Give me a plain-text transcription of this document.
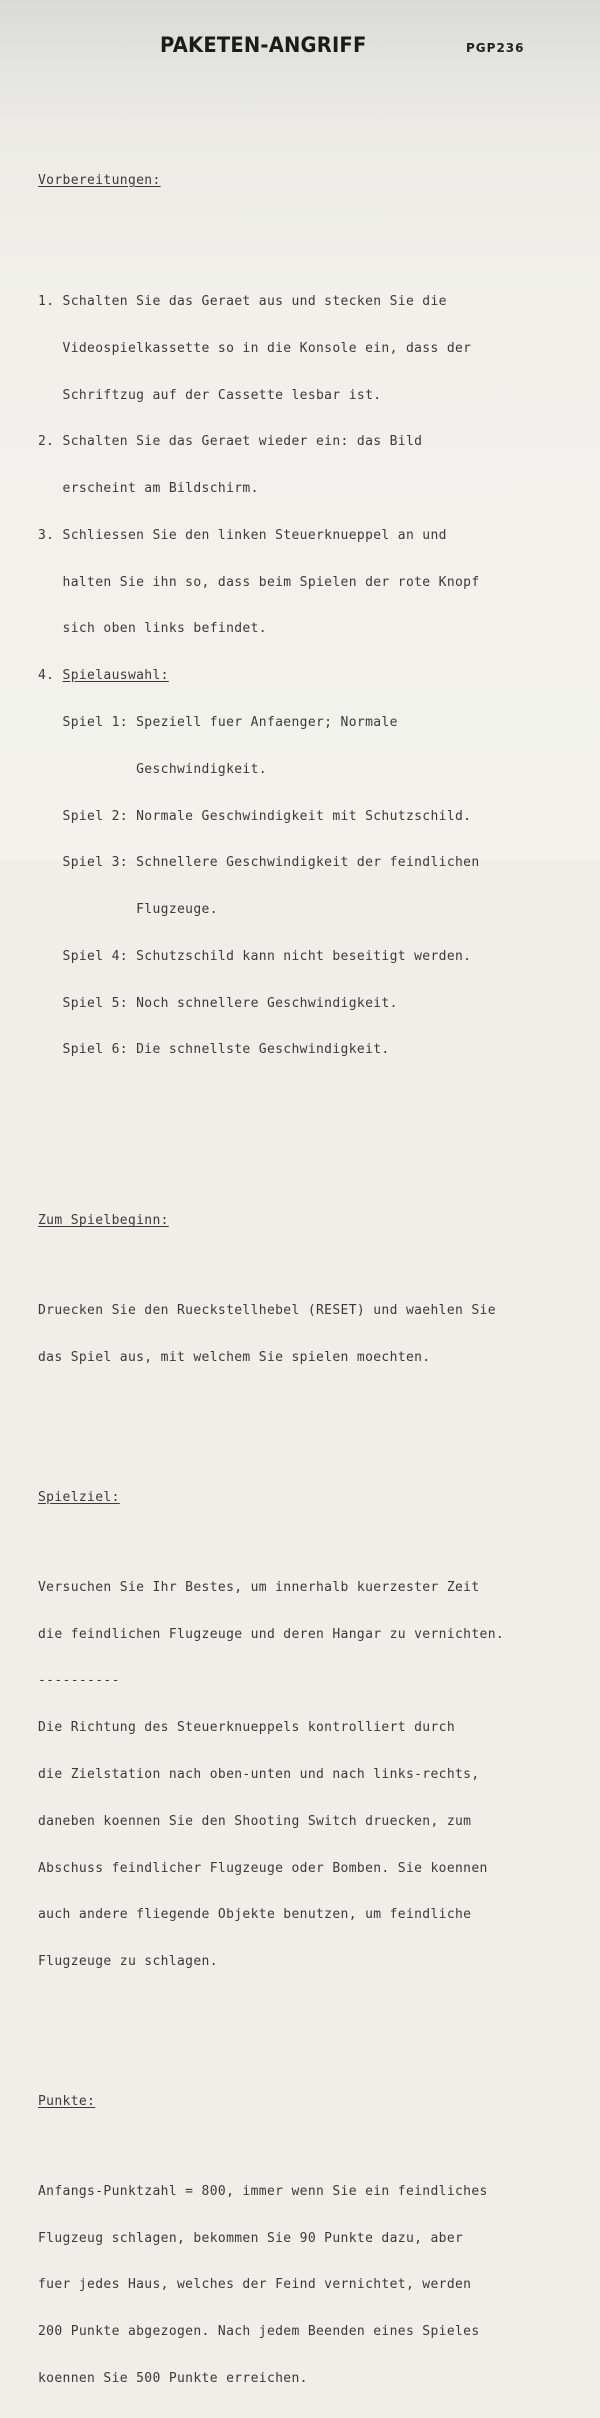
PAKETEN-ANGRIFF	PGP236

Vorbereitungen:

1. Schalten Sie das Geraet aus und stecken Sie die

Videospielkassette so in die Konsole ein, dass der

Schriftzug auf der Cassette lesbar ist.

2. Schalten Sie das Geraet wieder ein: das Bild

erscheint am Bildschirm.

3. Schliessen Sie den linken Steuerknueppel an und

halten Sie ihn so, dass beim Spielen der rote Knopf

sich oben links befindet.

4. Spielauswahl:

Spiel 1: Speziell fuer Anfaenger; Normale

Geschwindigkeit.

Spiel 2: Normale Geschwindigkeit mit Schutzschild.

Spiel 3: Schnellere Geschwindigkeit der feindlichen

Flugzeuge.

Spiel 4: Schutzschild kann nicht beseitigt werden.

Spiel 5: Noch schnellere Geschwindigkeit.

Spiel 6: Die schnellste Geschwindigkeit.

Zum Spielbeginn:

Druecken Sie den Rueckstellhebel (RESET) und waehlen Sie

das Spiel aus, mit welchem Sie spielen moechten.

Spielziel:

Versuchen Sie Ihr Bestes, um innerhalb kuerzester Zeit

die feindlichen Flugzeuge und deren Hangar zu vernichten.

----------

Die Richtung des Steuerknueppels kontrolliert durch

die Zielstation nach oben-unten und nach links-rechts,

daneben koennen Sie den Shooting Switch druecken, zum

Abschuss feindlicher Flugzeuge oder Bomben. Sie koennen

auch andere fliegende Objekte benutzen, um feindliche

Flugzeuge zu schlagen.

Punkte:

Anfangs-Punktzahl = 800, immer wenn Sie ein feindliches

Flugzeug schlagen, bekommen Sie 90 Punkte dazu, aber

fuer jedes Haus, welches der Feind vernichtet, werden

200 Punkte abgezogen. Nach jedem Beenden eines Spieles

koennen Sie 500 Punkte erreichen.
